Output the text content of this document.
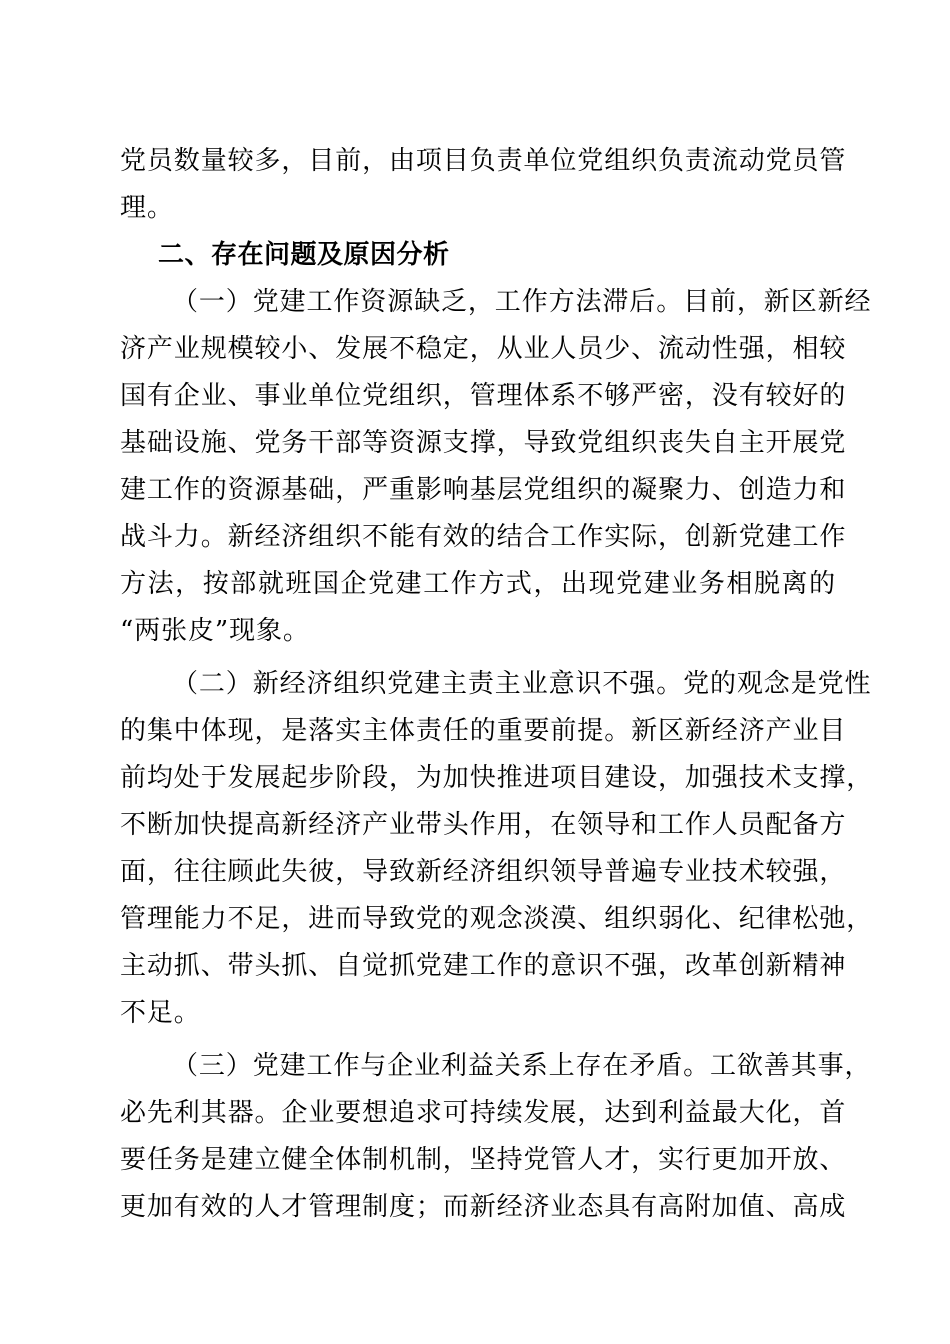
党员数量较多，目前，由项目负责单位党组织负责流动党员管
理。
二、存在问题及原因分析
（一）党建工作资源缺乏，工作方法滞后。目前，新区新经
济产业规模较小、发展不稳定，从业人员少、流动性强，相较
国有企业、事业单位党组织，管理体系不够严密，没有较好的
基础设施、党务干部等资源支撑，导致党组织丧失自主开展党
建工作的资源基础，严重影响基层党组织的凝聚力、创造力和
战斗力。新经济组织不能有效的结合工作实际，创新党建工作
方法，按部就班国企党建工作方式，出现党建业务相脱离的
“两张皮”现象。
（二）新经济组织党建主责主业意识不强。党的观念是党性
的集中体现，是落实主体责任的重要前提。新区新经济产业目
前均处于发展起步阶段，为加快推进项目建设，加强技术支撑，
不断加快提高新经济产业带头作用，在领导和工作人员配备方
面，往往顾此失彼，导致新经济组织领导普遍专业技术较强，
管理能力不足，进而导致党的观念淡漠、组织弱化、纪律松弛，
主动抓、带头抓、自觉抓党建工作的意识不强，改革创新精神
不足。
（三）党建工作与企业利益关系上存在矛盾。工欲善其事，
必先利其器。企业要想追求可持续发展，达到利益最大化，首
要任务是建立健全体制机制，坚持党管人才，实行更加开放、
更加有效的人才管理制度；而新经济业态具有高附加值、高成
